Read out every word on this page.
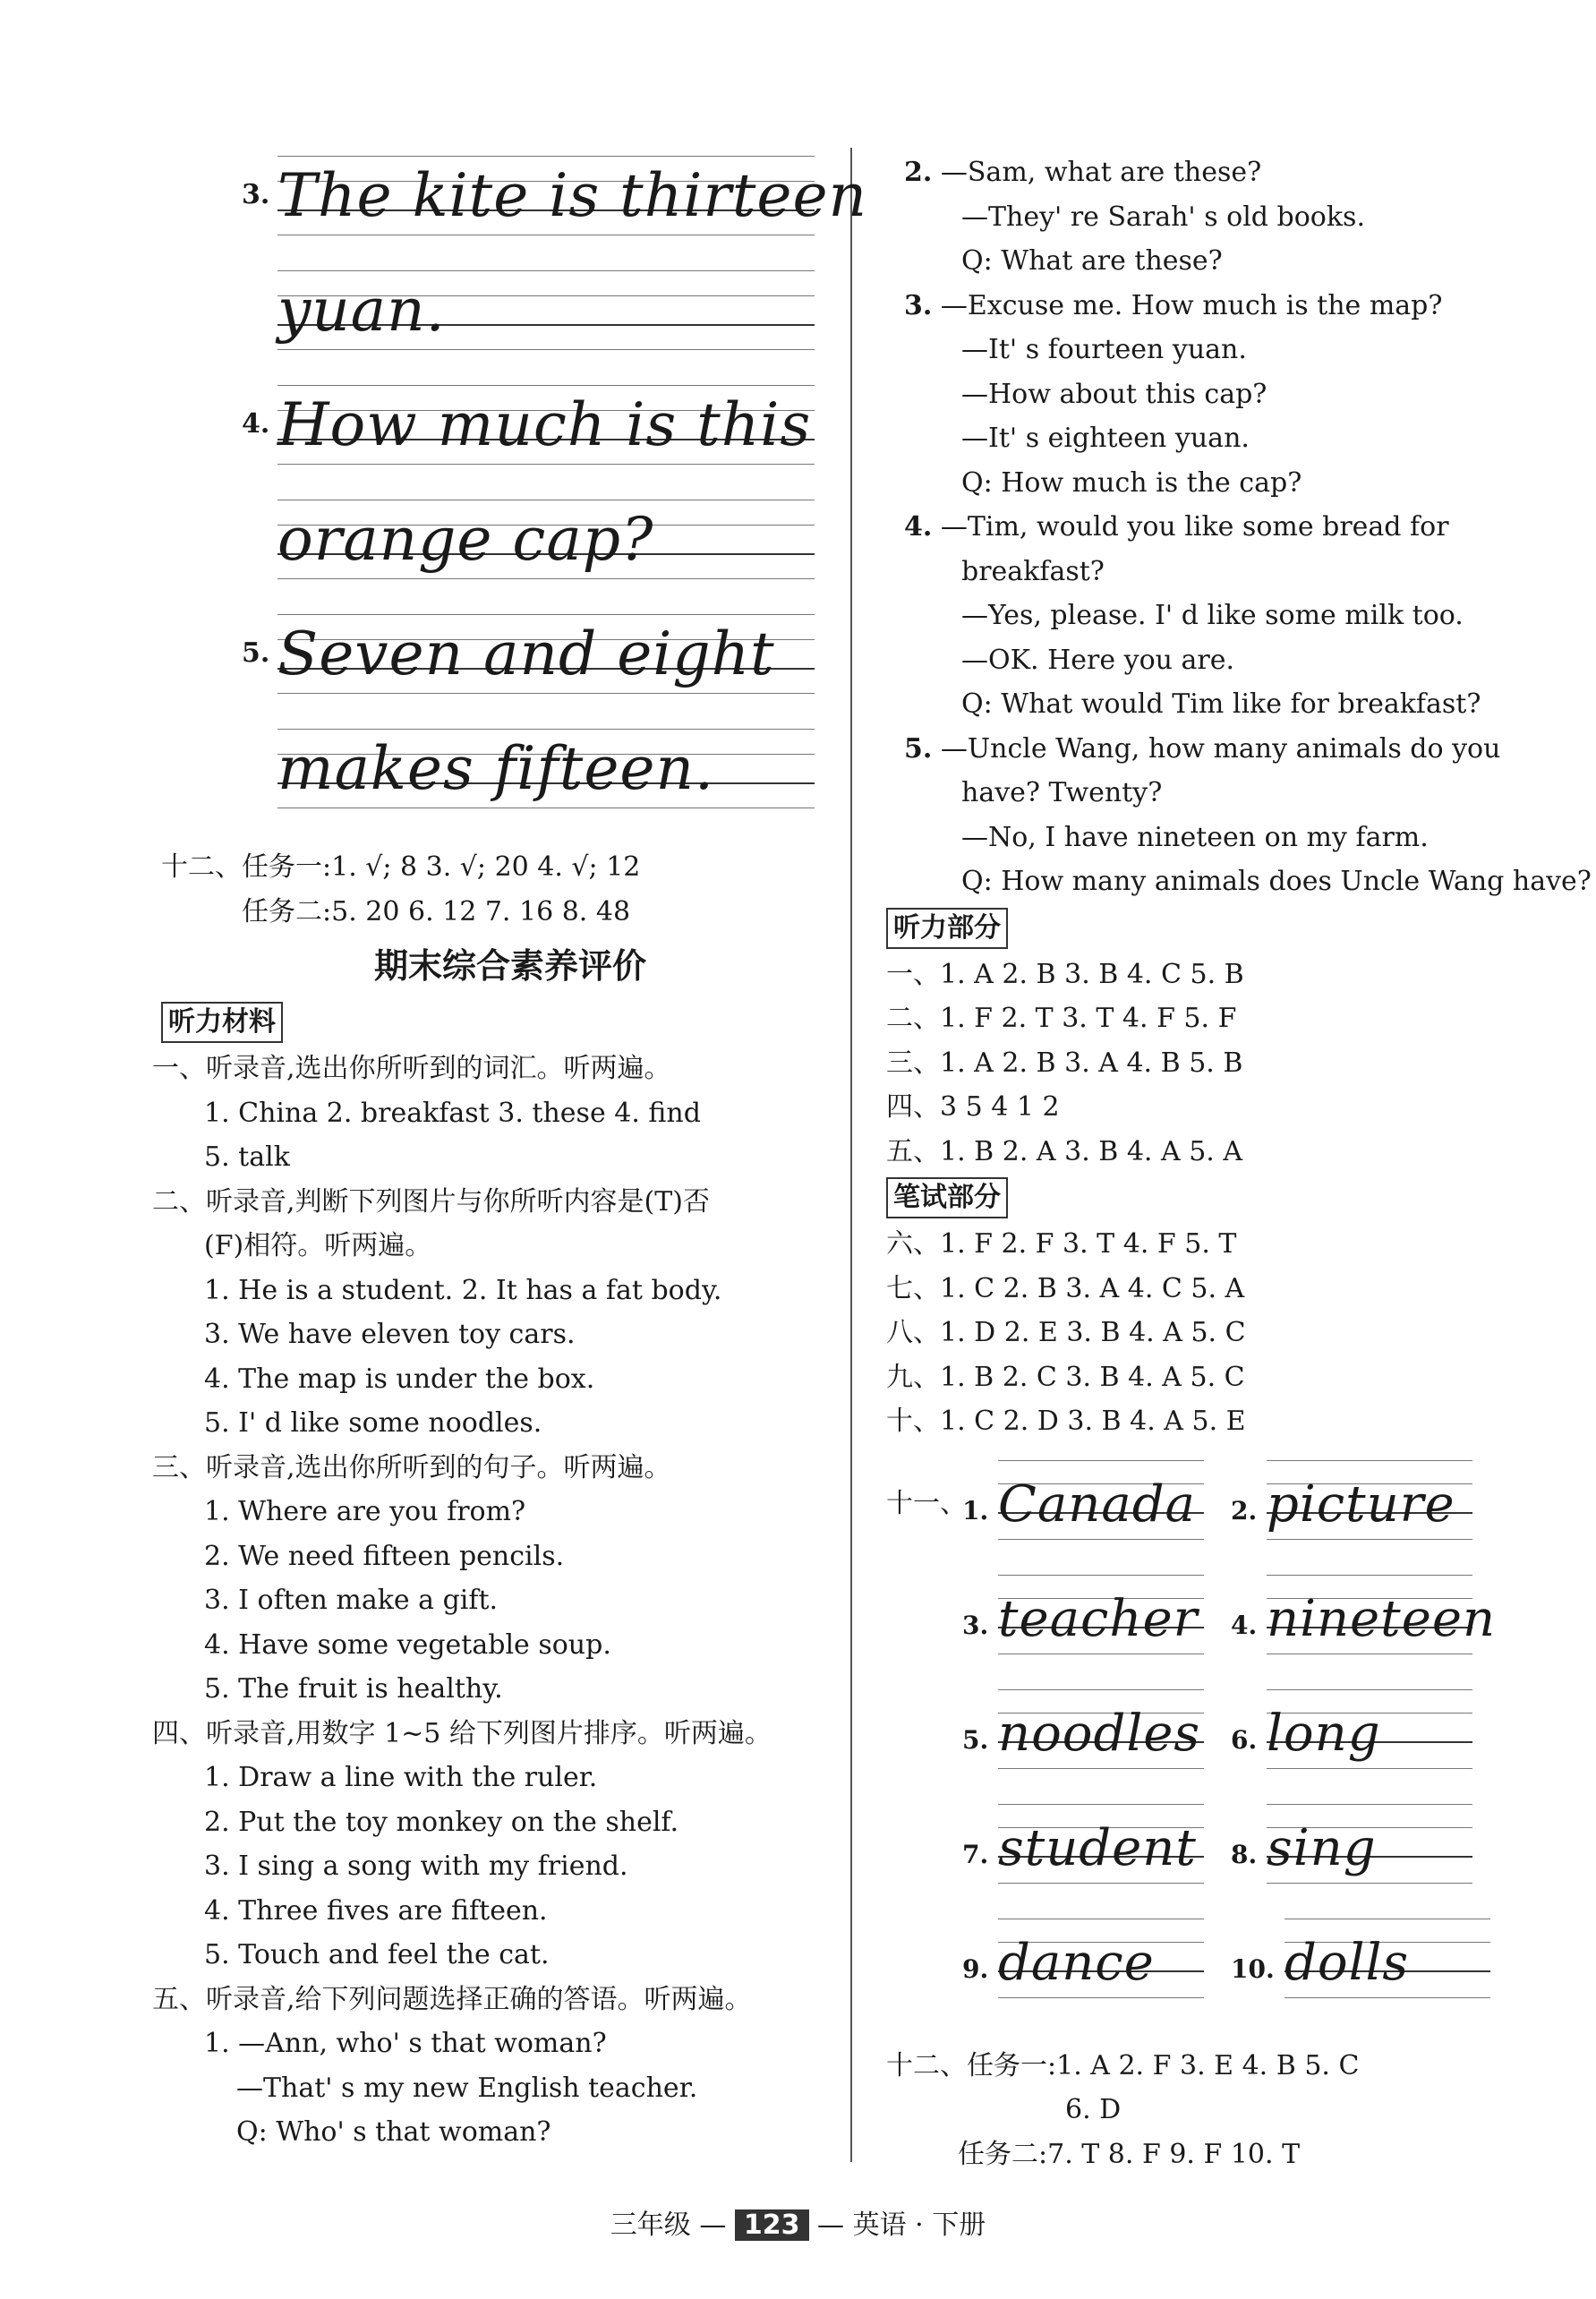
3. The kite is thirteen
yuan.
4. How much is this
orange cap?
5. Seven and eight
makes fifteen.
十二、任务一:1. √; 8 3. √; 20 4. √; 12
任务二:5. 20 6. 12 7. 16 8. 48
期末综合素养评价
听力材料
一、听录音,选出你所听到的词汇。听两遍。
1. China 2. breakfast 3. these 4. find
5. talk
二、听录音,判断下列图片与你所听内容是(T)否
(F)相符。听两遍。
1. He is a student. 2. It has a fat body.
3. We have eleven toy cars.
4. The map is under the box.
5. I' d like some noodles.
三、听录音,选出你所听到的句子。听两遍。
1. Where are you from?
2. We need fifteen pencils.
3. I often make a gift.
4. Have some vegetable soup.
5. The fruit is healthy.
四、听录音,用数字 1~5 给下列图片排序。听两遍。
1. Draw a line with the ruler.
2. Put the toy monkey on the shelf.
3. I sing a song with my friend.
4. Three fives are fifteen.
5. Touch and feel the cat.
五、听录音,给下列问题选择正确的答语。听两遍。
1. —Ann, who' s that woman?
—That' s my new English teacher.
Q: Who' s that woman?
2. —Sam, what are these?
—They' re Sarah' s old books.
Q: What are these?
3. —Excuse me. How much is the map?
—It' s fourteen yuan.
—How about this cap?
—It' s eighteen yuan.
Q: How much is the cap?
4. —Tim, would you like some bread for
breakfast?
—Yes, please. I' d like some milk too.
—OK. Here you are.
Q: What would Tim like for breakfast?
5. —Uncle Wang, how many animals do you
have? Twenty?
—No, I have nineteen on my farm.
Q: How many animals does Uncle Wang have?
听力部分
一、1. A 2. B 3. B 4. C 5. B
二、1. F 2. T 3. T 4. F 5. F
三、1. A 2. B 3. A 4. B 5. B
四、3 5 4 1 2
五、1. B 2. A 3. B 4. A 5. A
笔试部分
六、1. F 2. F 3. T 4. F 5. T
七、1. C 2. B 3. A 4. C 5. A
八、1. D 2. E 3. B 4. A 5. C
九、1. B 2. C 3. B 4. A 5. C
十、1. C 2. D 3. B 4. A 5. E
十一、
1. Canada 2. picture
3. teacher 4. nineteen
5. noodles 6. long
7. student 8. sing
9. dance	10. dolls
十二、任务一:1. A 2. F 3. E 4. B 5. C
6. D
任务二:7. T 8. F 9. F 10. T
三年级 — 123 — 英语 · 下册
